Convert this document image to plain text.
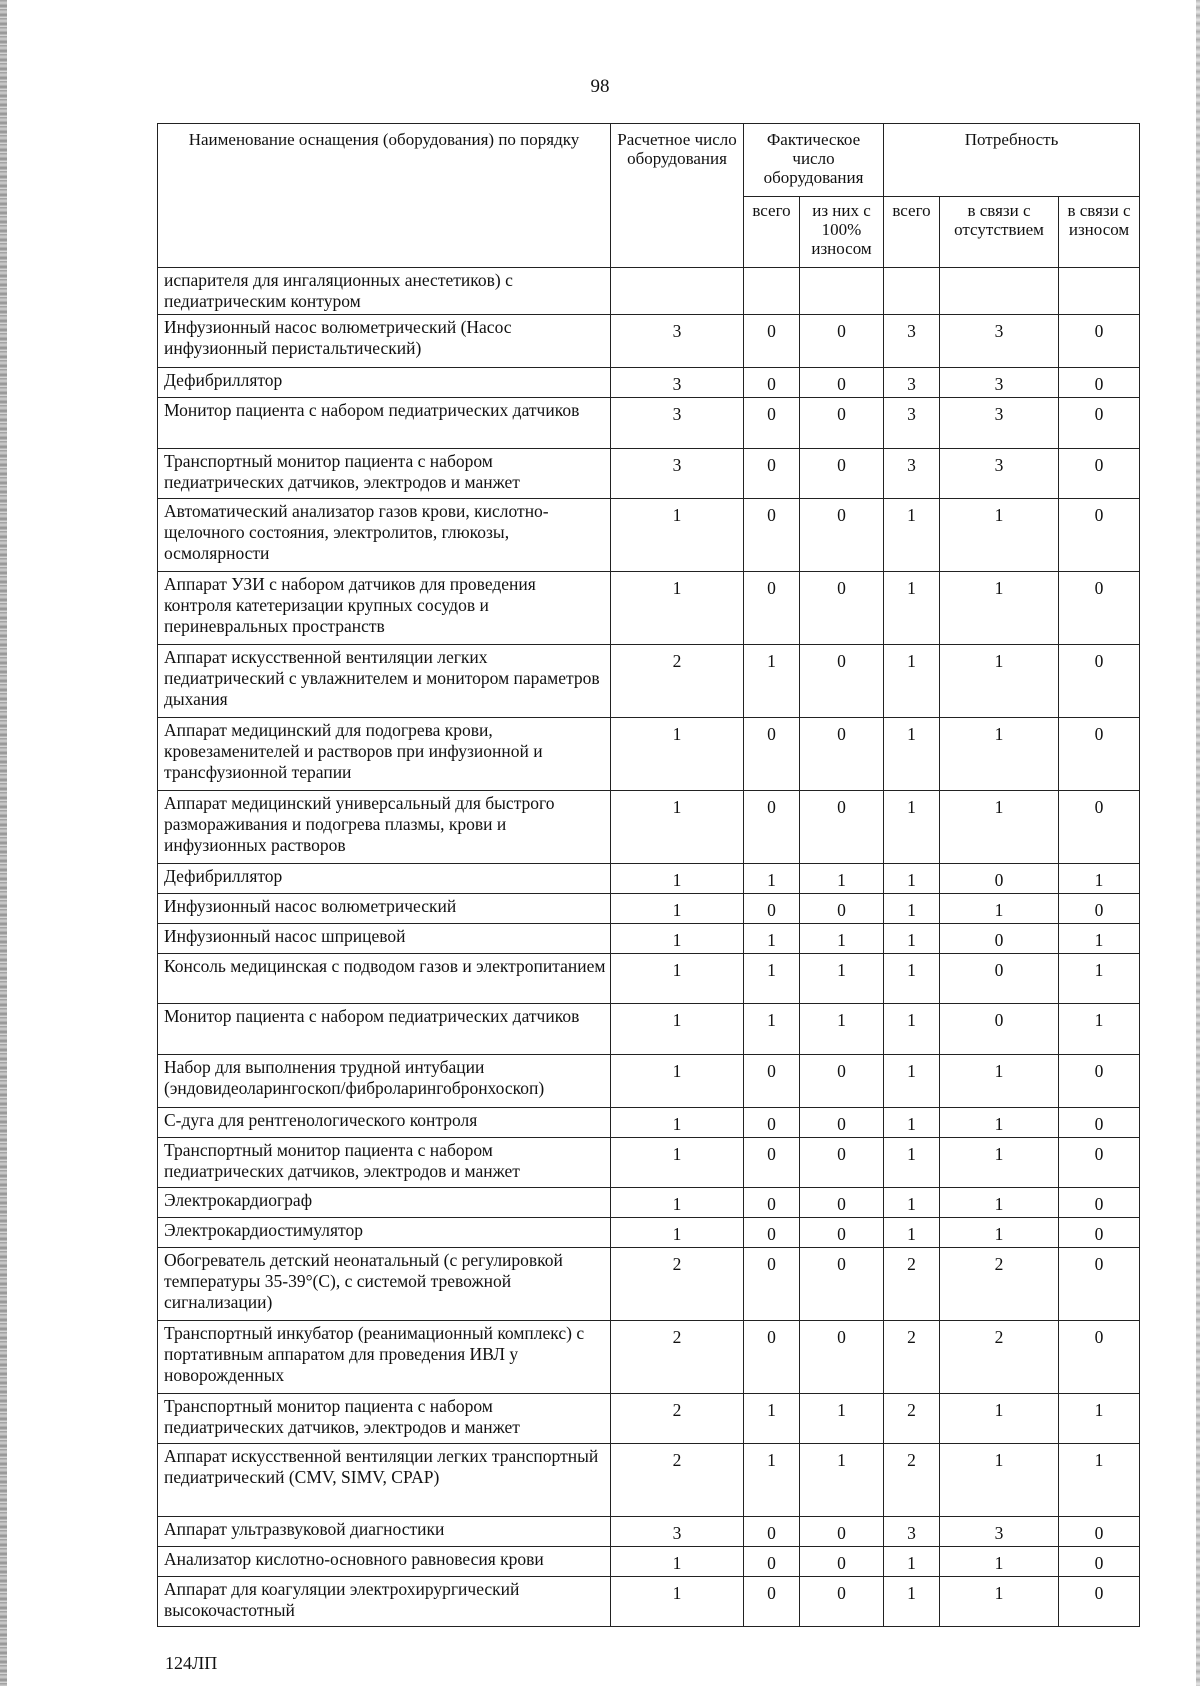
98
Наименование оснащения (оборудования) по порядку	Расчетное число оборудования	Фактическое число оборудования		Потребность		
		всего	из них с 100% износом	всего	в связи с отсутствием	в связи с износом
испарителя для ингаляционных анестетиков) с педиатрическим контуром						
Инфузионный насос волюметрический (Насос инфузионный перистальтический)	3	0	0	3	3	0
Дефибриллятор	3	0	0	3	3	0
Монитор пациента с набором педиатрических датчиков	3	0	0	3	3	0
Транспортный монитор пациента с набором педиатрических датчиков, электродов и манжет	3	0	0	3	3	0
Автоматический анализатор газов крови, кислотно-щелочного состояния, электролитов, глюкозы, осмолярности	1	0	0	1	1	0
Аппарат УЗИ с набором датчиков для проведения контроля катетеризации крупных сосудов и периневральных пространств	1	0	0	1	1	0
Аппарат искусственной вентиляции легких педиатрический с увлажнителем и монитором параметров дыхания	2	1	0	1	1	0
Аппарат медицинский для подогрева крови, кровезаменителей и растворов при инфузионной и трансфузионной терапии	1	0	0	1	1	0
Аппарат медицинский универсальный для быстрого размораживания и подогрева плазмы, крови и инфузионных растворов	1	0	0	1	1	0
Дефибриллятор	1	1	1	1	0	1
Инфузионный насос волюметрический	1	0	0	1	1	0
Инфузионный насос шприцевой	1	1	1	1	0	1
Консоль медицинская с подводом газов и электропитанием	1	1	1	1	0	1
Монитор пациента с набором педиатрических датчиков	1	1	1	1	0	1
Набор для выполнения трудной интубации (эндовидеоларингоскоп/фиброларингобронхоскоп)	1	0	0	1	1	0
С-дуга для рентгенологического контроля	1	0	0	1	1	0
Транспортный монитор пациента с набором педиатрических датчиков, электродов и манжет	1	0	0	1	1	0
Электрокардиограф	1	0	0	1	1	0
Электрокардиостимулятор	1	0	0	1	1	0
Обогреватель детский неонатальный (с регулировкой температуры 35-39°(С), с системой тревожной сигнализации)	2	0	0	2	2	0
Транспортный инкубатор (реанимационный комплекс) с портативным аппаратом для проведения ИВЛ у новорожденных	2	0	0	2	2	0
Транспортный монитор пациента с набором педиатрических датчиков, электродов и манжет	2	1	1	2	1	1
Аппарат искусственной вентиляции легких транспортный педиатрический (CMV, SIMV, CPAP)	2	1	1	2	1	1
Аппарат ультразвуковой диагностики	3	0	0	3	3	0
Анализатор кислотно-основного равновесия крови	1	0	0	1	1	0
Аппарат для коагуляции электрохирургический высокочастотный	1	0	0	1	1	0
124ЛП
